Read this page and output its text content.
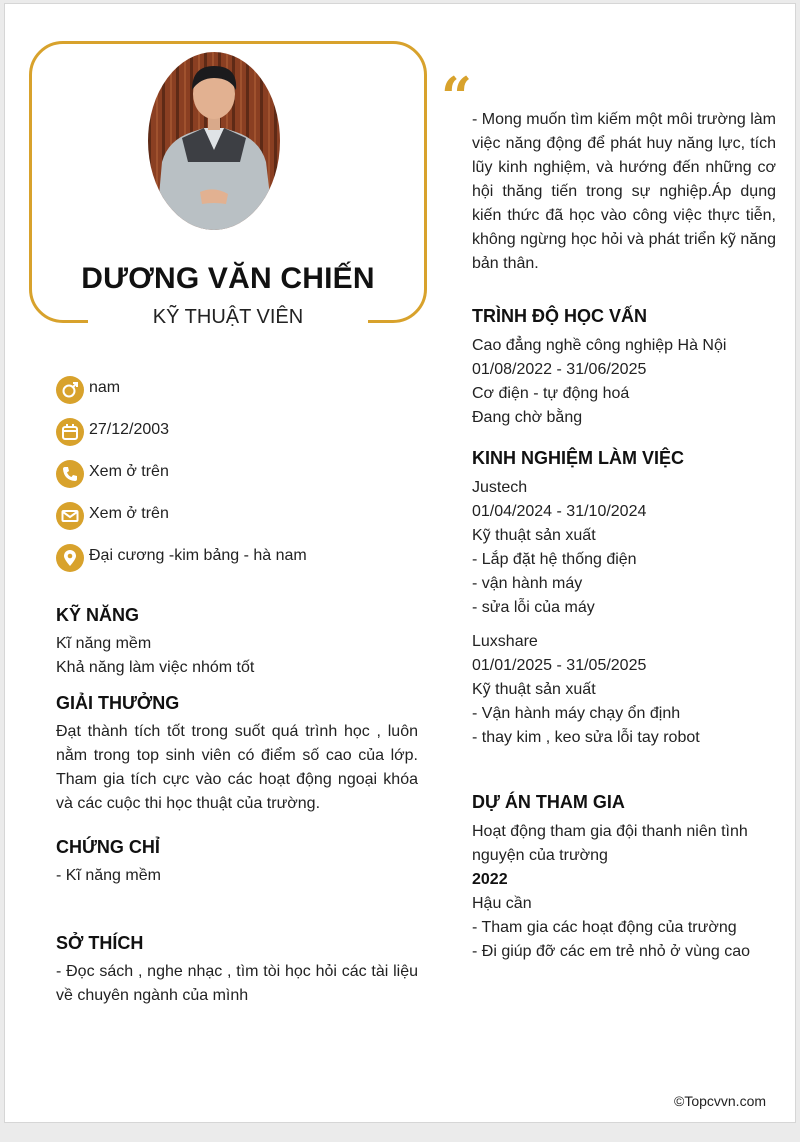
DƯƠNG VĂN CHIẾN
KỸ THUẬT VIÊN
nam
27/12/2003
Xem ở trên
Xem ở trên
Đại cương -kim bảng - hà nam
KỸ NĂNG
Kĩ năng mềm
Khả năng làm việc nhóm tốt
GIẢI THƯỞNG
Đạt thành tích tốt trong suốt quá trình học , luôn nằm trong top sinh viên có điểm số cao của lớp. Tham gia tích cực vào các hoạt động ngoại khóa và các cuộc thi học thuật của trường.
CHỨNG CHỈ
- Kĩ năng mềm
SỞ THÍCH
- Đọc sách , nghe nhạc , tìm tòi học hỏi các tài liệu về chuyên ngành của mình
“ - Mong muốn tìm kiếm một môi trường làm việc năng động để phát huy năng lực, tích lũy kinh nghiệm, và hướng đến những cơ hội thăng tiến trong sự nghiệp.Áp dụng kiến thức đã học vào công việc thực tiễn, không ngừng học hỏi và phát triển kỹ năng bản thân.
TRÌNH ĐỘ HỌC VẤN
Cao đẳng nghề công nghiệp Hà Nội
01/08/2022 - 31/06/2025
Cơ điện - tự động hoá
Đang chờ bằng
KINH NGHIỆM LÀM VIỆC
Justech
01/04/2024 - 31/10/2024
Kỹ thuật sản xuất
- Lắp đặt hệ thống điện
- vận hành máy
- sửa lỗi của máy
Luxshare
01/01/2025 - 31/05/2025
Kỹ thuật sản xuất
- Vận hành máy chạy ổn định
- thay kim , keo sửa lỗi tay robot
DỰ ÁN THAM GIA
Hoạt động tham gia đội thanh niên tình nguyện của trường
2022
Hậu cần
- Tham gia các hoạt động của trường
- Đi giúp đỡ các em trẻ nhỏ ở vùng cao
©Topcvvn.com
